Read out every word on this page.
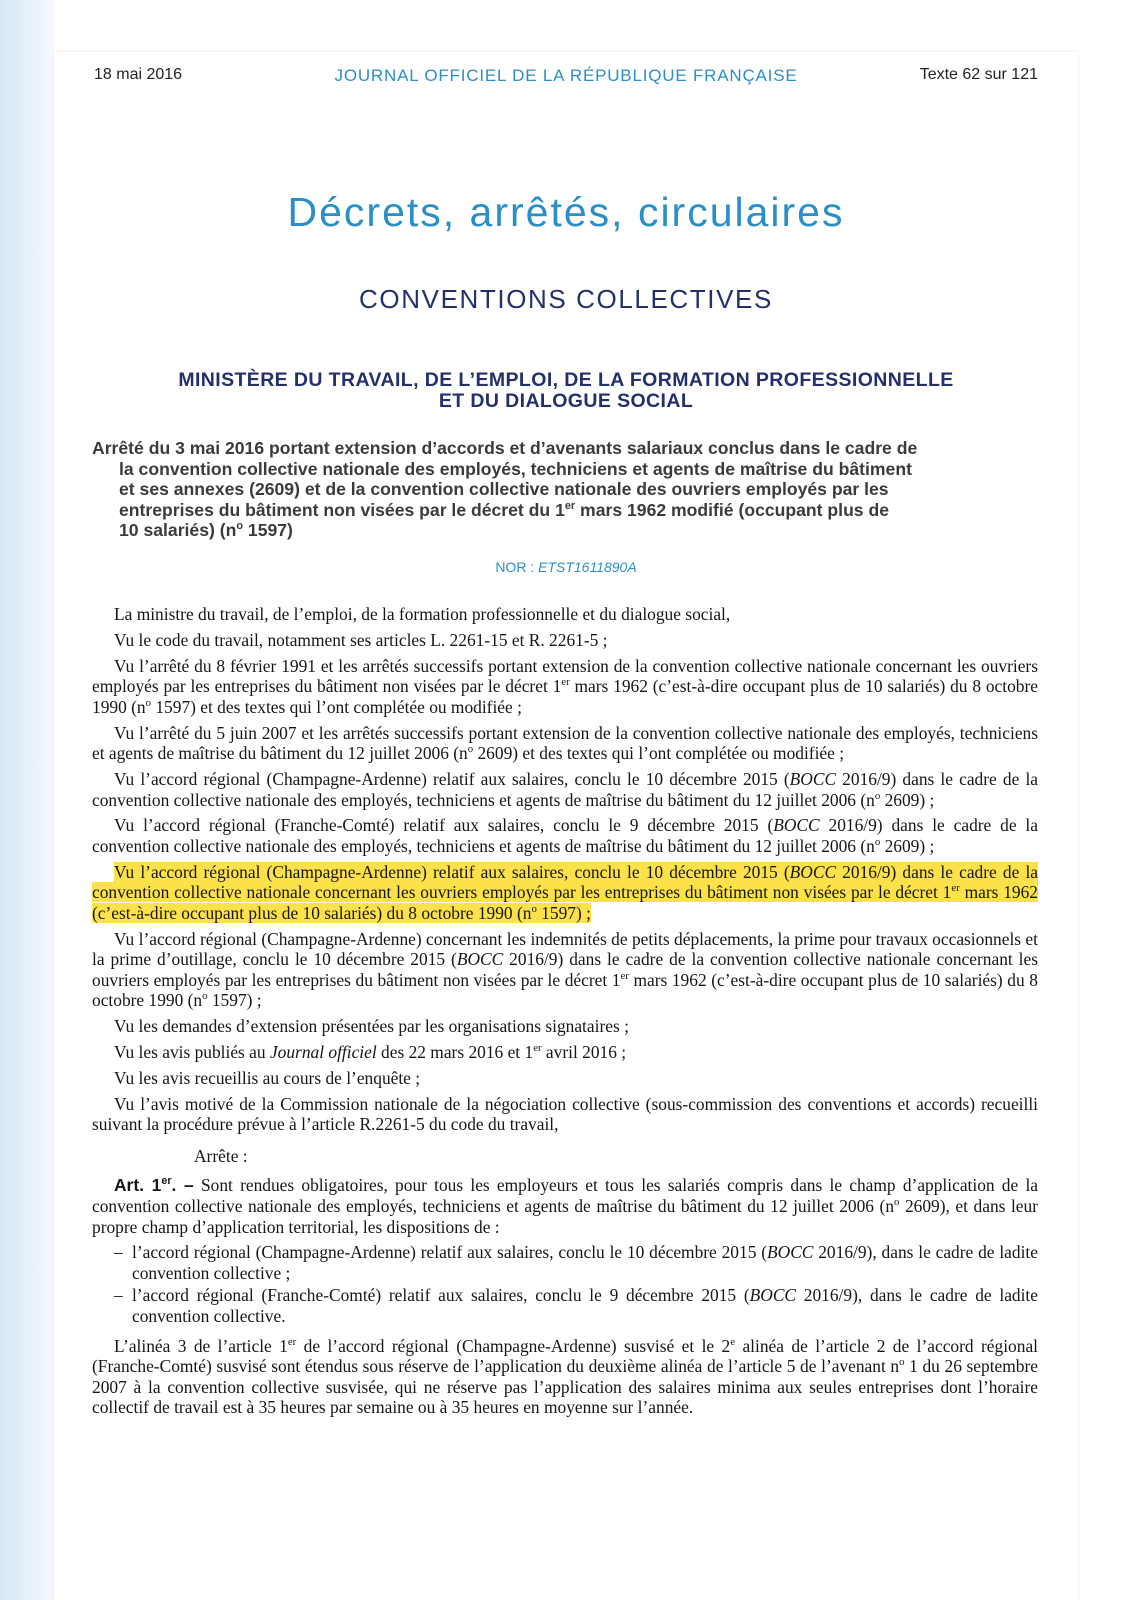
18 mai 2016	JOURNAL OFFICIEL DE LA RÉPUBLIQUE FRANÇAISE	Texte 62 sur 121
Décrets, arrêtés, circulaires
CONVENTIONS COLLECTIVES
MINISTÈRE DU TRAVAIL, DE L’EMPLOI, DE LA FORMATION PROFESSIONNELLE
ET DU DIALOGUE SOCIAL
Arrêté du 3 mai 2016 portant extension d’accords et d’avenants salariaux conclus dans le cadre de
la convention collective nationale des employés, techniciens et agents de maîtrise du bâtiment
et ses annexes (2609) et de la convention collective nationale des ouvriers employés par les
entreprises du bâtiment non visées par le décret du 1er mars 1962 modifié (occupant plus de
10 salariés) ($n^o$ 1597)
NOR : ETST1611890A

La ministre du travail, de l’emploi, de la formation professionnelle et du dialogue social,

Vu le code du travail, notamment ses articles L. 2261-15 et R. 2261-5 ;

Vu l’arrêté du 8 février 1991 et les arrêtés successifs portant extension de la convention collective nationale concernant les ouvriers employés par les entreprises du bâtiment non visées par le décret 1er mars 1962 (c’est-à-dire occupant plus de 10 salariés) du 8 octobre 1990 ($n^o$ 1597) et des textes qui l’ont complétée ou modifiée ;

Vu l’arrêté du 5 juin 2007 et les arrêtés successifs portant extension de la convention collective nationale des employés, techniciens et agents de maîtrise du bâtiment du 12 juillet 2006 ($n^o$ 2609) et des textes qui l’ont complétée ou modifiée ;

Vu l’accord régional (Champagne-Ardenne) relatif aux salaires, conclu le 10 décembre 2015 (BOCC 2016/9) dans le cadre de la convention collective nationale des employés, techniciens et agents de maîtrise du bâtiment du 12 juillet 2006 ($n^o$ 2609) ;

Vu l’accord régional (Franche-Comté) relatif aux salaires, conclu le 9 décembre 2015 (BOCC 2016/9) dans le cadre de la convention collective nationale des employés, techniciens et agents de maîtrise du bâtiment du 12 juillet 2006 ($n^o$ 2609) ;

Vu l’accord régional (Champagne-Ardenne) relatif aux salaires, conclu le 10 décembre 2015 (BOCC 2016/9) dans le cadre de la convention collective nationale concernant les ouvriers employés par les entreprises du bâtiment non visées par le décret 1er mars 1962 (c’est-à-dire occupant plus de 10 salariés) du 8 octobre 1990 ($n^o$ 1597) ;

Vu l’accord régional (Champagne-Ardenne) concernant les indemnités de petits déplacements, la prime pour travaux occasionnels et la prime d’outillage, conclu le 10 décembre 2015 (BOCC 2016/9) dans le cadre de la convention collective nationale concernant les ouvriers employés par les entreprises du bâtiment non visées par le décret 1er mars 1962 (c’est-à-dire occupant plus de 10 salariés) du 8 octobre 1990 ($n^o$ 1597) ;

Vu les demandes d’extension présentées par les organisations signataires ;

Vu les avis publiés au Journal officiel des 22 mars 2016 et 1er avril 2016 ;

Vu les avis recueillis au cours de l’enquête ;

Vu l’avis motivé de la Commission nationale de la négociation collective (sous-commission des conventions et accords) recueilli suivant la procédure prévue à l’article R.2261-5 du code du travail,

Arrête :

Art. 1er. – Sont rendues obligatoires, pour tous les employeurs et tous les salariés compris dans le champ d’application de la convention collective nationale des employés, techniciens et agents de maîtrise du bâtiment du 12 juillet 2006 ($n^o$ 2609), et dans leur propre champ d’application territorial, les dispositions de :

– l’accord régional (Champagne-Ardenne) relatif aux salaires, conclu le 10 décembre 2015 (BOCC 2016/9), dans le cadre de ladite convention collective ;
– l’accord régional (Franche-Comté) relatif aux salaires, conclu le 9 décembre 2015 (BOCC 2016/9), dans le cadre de ladite convention collective.

L’alinéa 3 de l’article 1er de l’accord régional (Champagne-Ardenne) susvisé et le 2e alinéa de l’article 2 de l’accord régional (Franche-Comté) susvisé sont étendus sous réserve de l’application du deuxième alinéa de l’article 5 de l’avenant $n^o$ 1 du 26 septembre 2007 à la convention collective susvisée, qui ne réserve pas l’application des salaires minima aux seules entreprises dont l’horaire collectif de travail est à 35 heures par semaine ou à 35 heures en moyenne sur l’année.
